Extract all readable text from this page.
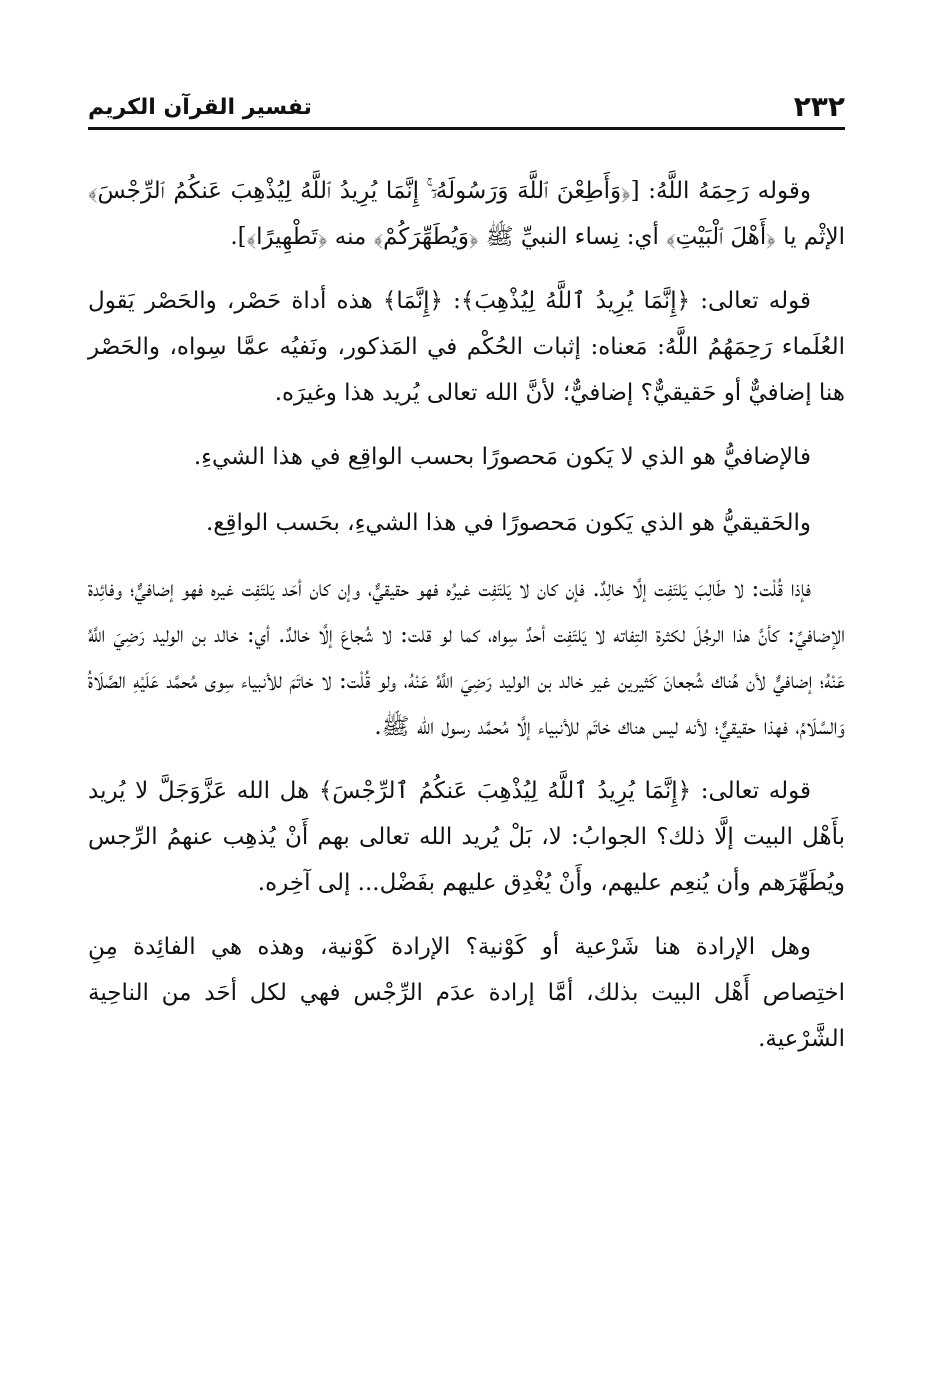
٢٣٢
تفسير القرآن الكريم

وقوله رَحِمَهُ اللَّهُ: [﴿وَأَطِعْنَ ٱللَّهَ وَرَسُولَهُۥٓ ۚ إِنَّمَا يُرِيدُ ٱللَّهُ لِيُذْهِبَ عَنكُمُ ٱلرِّجْسَ﴾ الإثْم يا ﴿أَهْلَ ٱلْبَيْتِ﴾ أي: نِساء النبيِّ ﷺ ﴿وَيُطَهِّرَكُمْ﴾ منه ﴿تَطْهِيرًا﴾].

قوله تعالى: ﴿إِنَّمَا يُرِيدُ ٱللَّهُ لِيُذْهِبَ﴾: ﴿إِنَّمَا﴾ هذه أداة حَصْر، والحَصْر يَقول العُلَماء رَحِمَهُمُ اللَّهُ: مَعناه: إثبات الحُكْم في المَذكور، ونَفيُه عمَّا سِواه، والحَصْر هنا إضافيٌّ أو حَقيقيٌّ؟ إضافيٌّ؛ لأنَّ الله تعالى يُريد هذا وغيرَه.

فالإضافيُّ هو الذي لا يَكون مَحصورًا بحسب الواقِع في هذا الشيءِ.

والحَقيقيُّ هو الذي يَكون مَحصورًا في هذا الشيءِ، بحَسب الواقِع.

فإذا قُلْت: لا طَالِبَ يَلتَفِت إلَّا خالِدٌ. فإن كان لا يَلتَفِت غيرُه فهو حقيقيٌّ، وإن كان أحَد يَلتَفِت غيره فهو إضافيٌّ؛ وفائِدة الإضافيِّ: كأنَّ هذا الرجُلَ لكثرة التِفاته لا يَلتَفِت أحدٌ سِواه، كما لو قلت: لا شُجاعَ إلَّا خالدٌ. أي: خالد بن الوليد رَضِيَ اللَّهُ عَنْهُ؛ إضافيٌّ لأن هُناك شُجعانَ كَثيرين غير خالد بن الوليد رَضِيَ اللَّهُ عَنْهُ، ولو قُلْت: لا خاتَمَ للأنبياء سِوى مُحمَّد عَلَيْهِ الصَّلَاةُ وَالسَّلَامُ، فهذا حقيقيٌّ؛ لأنه ليس هناك خاتَم للأنبياء إلَّا مُحمَّد رسول الله ﷺ.

قوله تعالى: ﴿إِنَّمَا يُرِيدُ ٱللَّهُ لِيُذْهِبَ عَنكُمُ ٱلرِّجْسَ﴾ هل الله عَزَّوَجَلَّ لا يُريد بأَهْل البيت إلَّا ذلك؟ الجوابُ: لا، بَلْ يُريد الله تعالى بهم أَنْ يُذهِب عنهمُ الرِّجس ويُطَهِّرَهم وأن يُنعِم عليهم، وأَنْ يُغْدِق عليهم بفَضْل... إلى آخِره.

وهل الإرادة هنا شَرْعية أو كَوْنية؟ الإرادة كَوْنية، وهذه هي الفائِدة مِنِ اختِصاص أَهْل البيت بذلك، أمَّا إرادة عدَم الرِّجْس فهي لكل أحَد من الناحِية الشَّرْعية.
